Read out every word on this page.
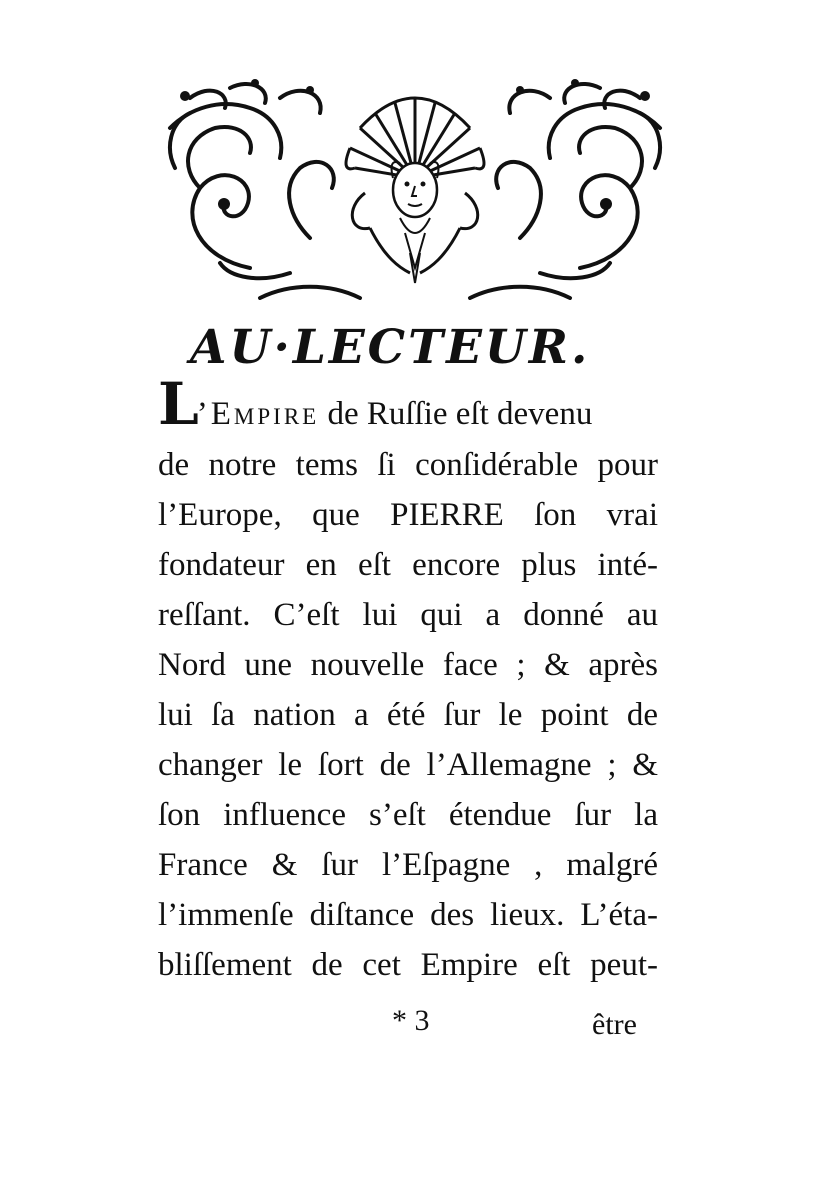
AU·LECTEUR.
L’Empire de Ruſſie eſt devenu
de notre tems ſi conſidérable pour
l’Europe, que PIERRE ſon vrai
fondateur en eſt encore plus inté-
reſſant. C’eſt lui qui a donné au
Nord une nouvelle face ; & après
lui ſa nation a été ſur le point de
changer le ſort de l’Allemagne ; &
ſon influence s’eſt étendue ſur la
France & ſur l’Eſpagne , malgré
l’immenſe diſtance des lieux. L’éta-
bliſſement de cet Empire eſt peut-
* 3	être
